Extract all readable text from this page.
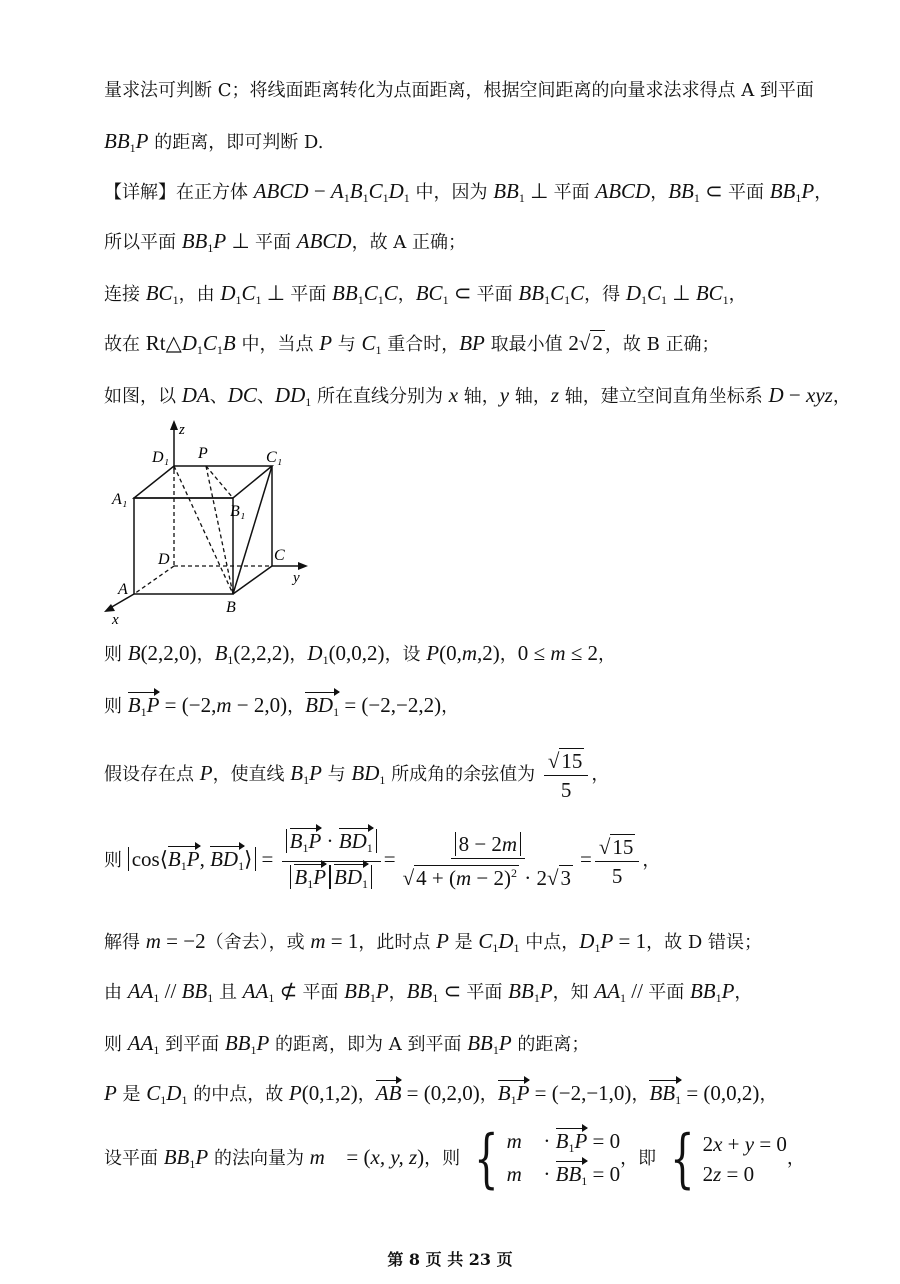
量求法可判断 C；将线面距离转化为点面距离，根据空间距离的向量求法求得点 A 到平面
$BB_1P$ 的距离，即可判断 D.
【详解】在正方体 ABCD − $A_1B_1C_1D_1$ 中，因为 $BB_1$ ⊥ 平面 ABCD，$BB_1$ ⊂ 平面 $BB_1P$，
所以平面 $BB_1P$ ⊥ 平面 ABCD，故 A 正确；
连接 $BC_1$，由 $D_1C_1$ ⊥ 平面 $BB_1C_1C$，$BC_1$ ⊂ 平面 $BB_1C_1C$，得 $D_1C_1$ ⊥ $BC_1$，
故在 $Rt\triangle D_1C_1B$ 中，当点 P 与 $C_1$ 重合时，BP 取最小值 2√2 ，故 B 正确；
如图，以 DA、DC、$DD_1$ 所在直线分别为 x 轴，y 轴，z 轴，建立空间直角坐标系 D − xyz，
z
y
x
D₁ P	C₁
A₁
B₁
D	C
A
B
则 B(2,2,0)，$B_1(2,2,2)$，$D_1(0,0,2)$，设 P(0,m,2)，0 ≤ m ≤ 2，
则 $B_1P = (-2,m - 2,0)$，$BD_1 = (-2,-2,2)$，
假设存在点 P，使直线 $B_1P$ 与 $BD_1$ 所成角的余弦值为 $\frac{√15}{5}$ ，
则 $\cos⟨B_1P$, $BD_1⟩ = \frac{B_1P \cdot BD_1}{B_1P BD_1} = \frac{8 - 2m}{√4 + (m - 2)^2 \cdot 2√3} = \frac{√15}{5}$ ，
解得 m = −2（舍去），或 m = 1，此时点 P 是 $C_1D_1$ 中点，$D_1P = 1$，故 D 错误；
由 $AA_1 // BB_1$ 且 $AA_1$ ⊄ 平面 $BB_1P$，$BB_1$ ⊂ 平面 $BB_1P$，知 $AA_1$ // 平面 $BB_1P$，
则 $AA_1$ 到平面 $BB_1P$ 的距离，即为 A 到平面 $BB_1P$ 的距离；
P 是 $C_1D_1$ 的中点，故 P(0,1,2)，AB = (0,2,0)，$B_1P = (-2,-1,0)$，$BB_1 = (0,0,2)$，
设平面 $BB_1P$ 的法向量为 m⃗ = (x, y, z)，则 { m⃗ · $B_1P = 0$
m⃗ · $BB_1 = 0$
，即 { 2x + y = 0
2z = 0
，
第 8 页 共 23 页
